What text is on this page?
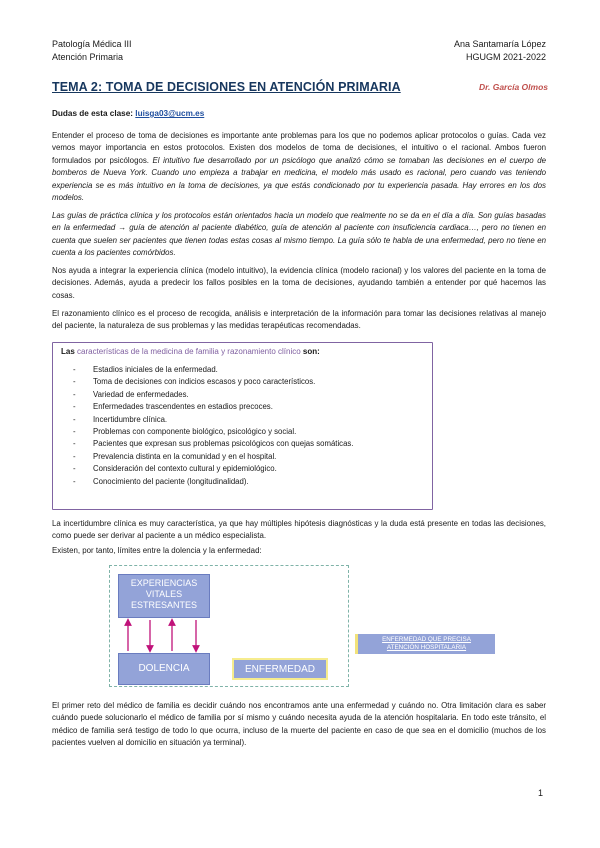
Patología Médica III
Atención Primaria
Ana Santamaría López
HGUGM 2021-2022
TEMA 2: TOMA DE DECISIONES EN ATENCIÓN PRIMARIA	Dr. García Olmos
Dudas de esta clase: luisga03@ucm.es

Entender el proceso de toma de decisiones es importante ante problemas para los que no podemos aplicar protocolos o guías. Cada vez vemos mayor importancia en estos protocolos. Existen dos modelos de toma de decisiones, el intuitivo o el racional. Ambos fueron formulados por psicólogos. El intuitivo fue desarrollado por un psicólogo que analizó cómo se tomaban las decisiones en el cuerpo de bomberos de Nueva York. Cuando uno empieza a trabajar en medicina, el modelo más usado es racional, pero cuando vas teniendo experiencia se es más intuitivo en la toma de decisiones, ya que estás condicionado por tu experiencia pasada. Hay errores en los dos modelos.

Las guías de práctica clínica y los protocolos están orientados hacia un modelo que realmente no se da en el día a día. Son guías basadas en la enfermedad → guía de atención al paciente diabético, guía de atención al paciente con insuficiencia cardiaca…, pero no tienen en cuenta que suelen ser pacientes que tienen todas estas cosas al mismo tiempo. La guía sólo te habla de una enfermedad, pero no tiene en cuenta a los pacientes comórbidos.

Nos ayuda a integrar la experiencia clínica (modelo intuitivo), la evidencia clínica (modelo racional) y los valores del paciente en la toma de decisiones. Además, ayuda a predecir los fallos posibles en la toma de decisiones, ayudando también a entender por qué hacemos las cosas.

El razonamiento clínico es el proceso de recogida, análisis e interpretación de la información para tomar las decisiones relativas al manejo del paciente, la naturaleza de sus problemas y las medidas terapéuticas recomendadas.

Las características de la medicina de familia y razonamiento clínico son:
- Estadios iniciales de la enfermedad.
- Toma de decisiones con indicios escasos y poco característicos.
- Variedad de enfermedades.
- Enfermedades trascendentes en estadios precoces.
- Incertidumbre clínica.
- Problemas con componente biológico, psicológico y social.
- Pacientes que expresan sus problemas psicológicos con quejas somáticas.
- Prevalencia distinta en la comunidad y en el hospital.
- Consideración del contexto cultural y epidemiológico.
- Conocimiento del paciente (longitudinalidad).

La incertidumbre clínica es muy característica, ya que hay múltiples hipótesis diagnósticas y la duda está presente en todas las decisiones, como puede ser derivar al paciente a un médico especialista.

Existen, por tanto, límites entre la dolencia y la enfermedad:

EXPERIENCIAS
VITALES
ESTRESANTES
DOLENCIA	ENFERMEDAD
ENFERMEDAD QUE PRECISA
ATENCIÓN HOSPITALARIA

El primer reto del médico de familia es decidir cuándo nos encontramos ante una enfermedad y cuándo no. Otra limitación clara es saber cuándo puede solucionarlo el médico de familia por sí mismo y cuándo necesita ayuda de la atención hospitalaria. En todo este tránsito, el médico de familia será testigo de todo lo que ocurra, incluso de la muerte del paciente en caso de que sea en el domicilio (muchos de los pacientes vuelven al domicilio en situación ya terminal).

1
